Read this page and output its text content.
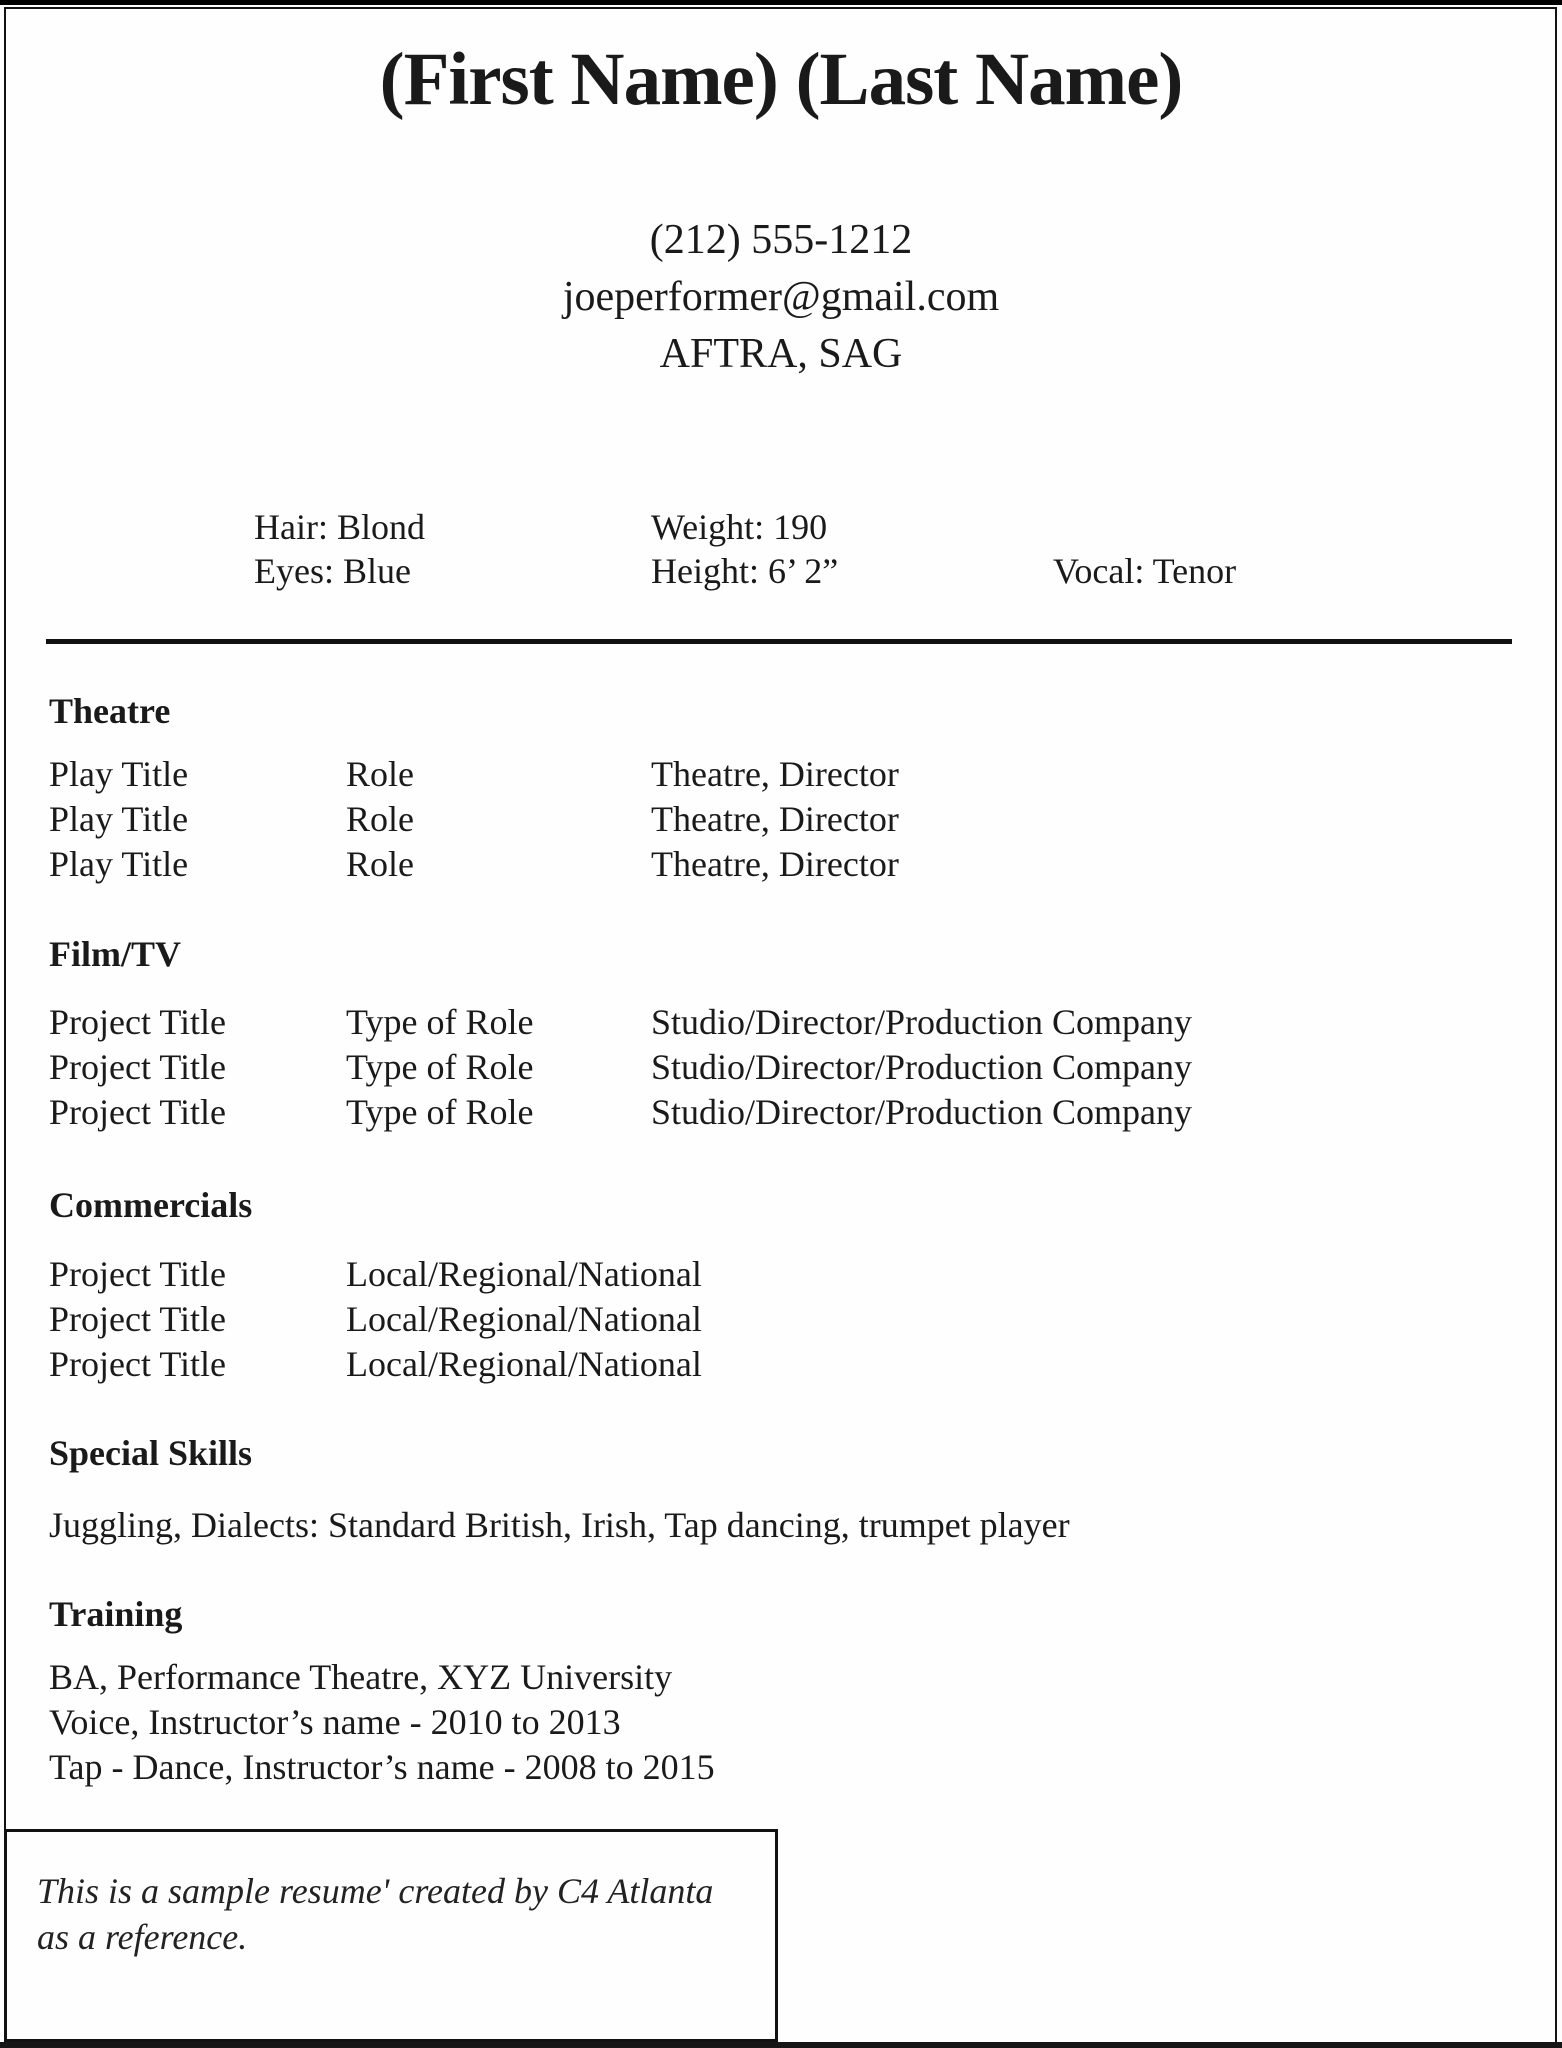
(First Name) (Last Name)
(212) 555-1212
joeperformer@gmail.com
AFTRA, SAG
Hair: Blond	Weight: 190
Eyes: Blue	Height: 6’ 2”	Vocal: Tenor
Theatre
Play Title	Role	Theatre, Director
Play Title	Role	Theatre, Director
Play Title	Role	Theatre, Director
Film/TV
Project Title	Type of Role	Studio/Director/Production Company
Project Title	Type of Role	Studio/Director/Production Company
Project Title	Type of Role	Studio/Director/Production Company
Commercials
Project Title	Local/Regional/National
Project Title	Local/Regional/National
Project Title	Local/Regional/National
Special Skills

Juggling, Dialects: Standard British, Irish, Tap dancing, trumpet player

Training
BA, Performance Theatre, XYZ University
Voice, Instructor’s name - 2010 to 2013
Tap - Dance, Instructor’s name - 2008 to 2015

This is a sample resume' created by C4 Atlanta as a reference.
